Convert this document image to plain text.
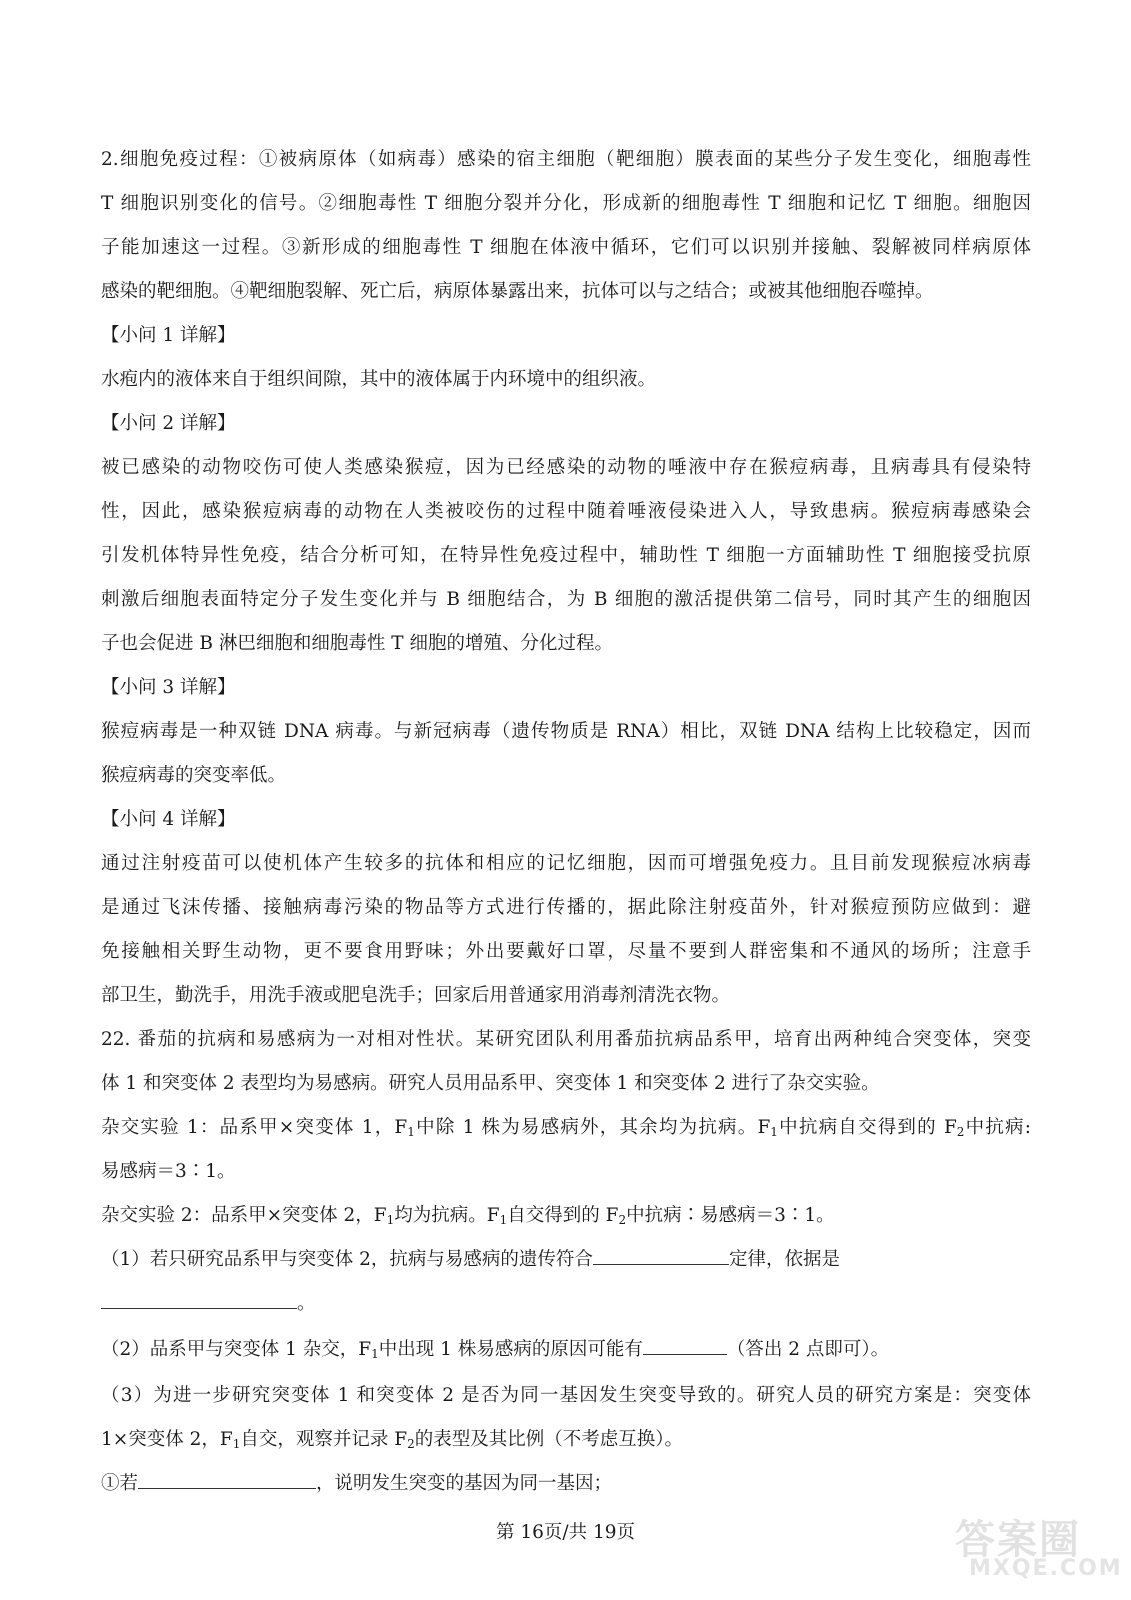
2.细胞免疫过程：①被病原体（如病毒）感染的宿主细胞（靶细胞）膜表面的某些分子发生变化，细胞毒性
T 细胞识别变化的信号。②细胞毒性 T 细胞分裂并分化，形成新的细胞毒性 T 细胞和记忆 T 细胞。细胞因
子能加速这一过程。③新形成的细胞毒性 T 细胞在体液中循环，它们可以识别并接触、裂解被同样病原体
感染的靶细胞。④靶细胞裂解、死亡后，病原体暴露出来，抗体可以与之结合；或被其他细胞吞噬掉。
【小问 1 详解】
水疱内的液体来自于组织间隙，其中的液体属于内环境中的组织液。
【小问 2 详解】
被已感染的动物咬伤可使人类感染猴痘，因为已经感染的动物的唾液中存在猴痘病毒，且病毒具有侵染特
性，因此，感染猴痘病毒的动物在人类被咬伤的过程中随着唾液侵染进入人，导致患病。猴痘病毒感染会
引发机体特异性免疫，结合分析可知，在特异性免疫过程中，辅助性 T 细胞一方面辅助性 T 细胞接受抗原
刺激后细胞表面特定分子发生变化并与 B 细胞结合，为 B 细胞的激活提供第二信号，同时其产生的细胞因
子也会促进 B 淋巴细胞和细胞毒性 T 细胞的增殖、分化过程。
【小问 3 详解】
猴痘病毒是一种双链 DNA 病毒。与新冠病毒（遗传物质是 RNA）相比，双链 DNA 结构上比较稳定，因而
猴痘病毒的突变率低。
【小问 4 详解】
通过注射疫苗可以使机体产生较多的抗体和相应的记忆细胞，因而可增强免疫力。且目前发现猴痘冰病毒
是通过飞沫传播、接触病毒污染的物品等方式进行传播的，据此除注射疫苗外，针对猴痘预防应做到：避
免接触相关野生动物，更不要食用野味；外出要戴好口罩，尽量不要到人群密集和不通风的场所；注意手
部卫生，勤洗手，用洗手液或肥皂洗手；回家后用普通家用消毒剂清洗衣物。
22. 番茄的抗病和易感病为一对相对性状。某研究团队利用番茄抗病品系甲，培育出两种纯合突变体，突变
体 1 和突变体 2 表型均为易感病。研究人员用品系甲、突变体 1 和突变体 2 进行了杂交实验。
杂交实验 1：品系甲×突变体 1，$F_1$中除 1 株为易感病外，其余均为抗病。$F_1$中抗病自交得到的 $F_2$中抗病:
易感病＝3∶1。
杂交实验 2：品系甲×突变体 2，$F_1$均为抗病。$F_1$自交得到的 $F_2$中抗病∶易感病＝3∶1。
（1）若只研究品系甲与突变体 2，抗病与易感病的遗传符合	定律，依据是
。
（2）品系甲与突变体 1 杂交，$F_1$中出现 1 株易感病的原因可能有	（答出 2 点即可）。
（3）为进一步研究突变体 1 和突变体 2 是否为同一基因发生突变导致的。研究人员的研究方案是：突变体
1×突变体 2，$F_1$自交，观察并记录 $F_2$的表型及其比例（不考虑互换）。
①若	，说明发生突变的基因为同一基因；
第 16页/共 19页	答案圈
MXQE.COM
